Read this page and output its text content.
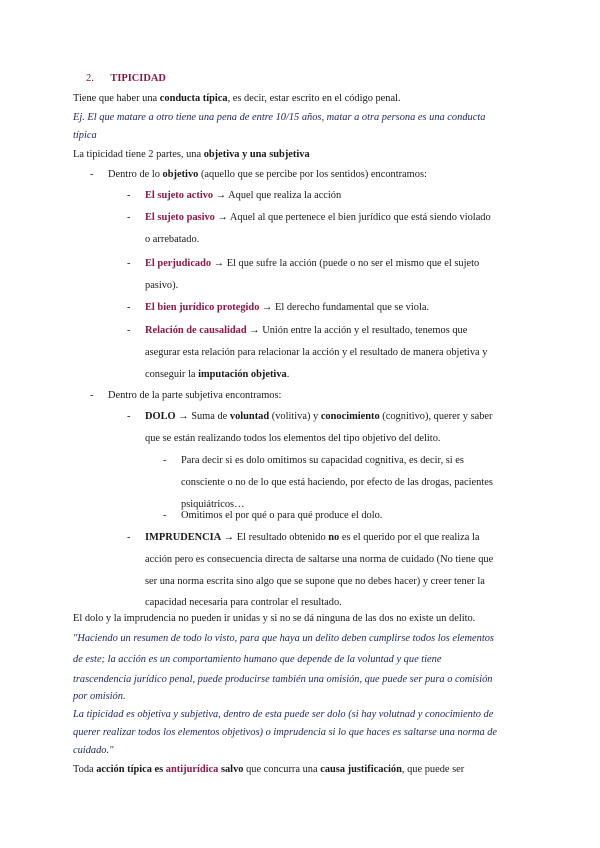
2. TIPICIDAD
Tiene que haber una conducta típica, es decir, estar escrito en el código penal.
Ej. El que matare a otro tiene una pena de entre 10/15 años, matar a otra persona es una conducta
típica
La tipicidad tiene 2 partes, una objetiva y una subjetiva
- Dentro de lo objetivo (aquello que se percibe por los sentidos) encontramos:
- El sujeto activo → Aquel que realiza la acción
- El sujeto pasivo → Aquel al que pertenece el bien jurídico que está siendo violado
o arrebatado.
- El perjudicado → El que sufre la acción (puede o no ser el mismo que el sujeto
pasivo).
- El bien jurídico protegido → El derecho fundamental que se viola.
- Relación de causalidad → Unión entre la acción y el resultado, tenemos que
asegurar esta relación para relacionar la acción y el resultado de manera objetiva y
conseguir la imputación objetiva.
- Dentro de la parte subjetiva encontramos:
- DOLO → Suma de voluntad (volitiva) y conocimiento (cognitivo), querer y saber
que se están realizando todos los elementos del tipo objetivo del delito.
- Para decir si es dolo omitimos su capacidad cognitiva, es decir, si es
consciente o no de lo que está haciendo, por efecto de las drogas, pacientes
psiquiátricos…
- Omitimos el por qué o para qué produce el dolo.
- IMPRUDENCIA → El resultado obtenido no es el querido por el que realiza la
acción pero es consecuencia directa de saltarse una norma de cuidado (No tiene que
ser una norma escrita sino algo que se supone que no debes hacer) y creer tener la
capacidad necesaria para controlar el resultado.
El dolo y la imprudencia no pueden ir unidas y si no se dá ninguna de las dos no existe un delito.
"Haciendo un resumen de todo lo visto, para que haya un delito deben cumplirse todos los elementos
de este; la acción es un comportamiento humano que depende de la voluntad y que tiene
trascendencia jurídico penal, puede producirse también una omisión, que puede ser pura o comisión
por omisión.
La tipicidad es objetiva y subjetiva, dentro de esta puede ser dolo (si hay volutnad y conocimiento de
querer realizar todos los elementos objetivos) o imprudencia si lo que haces es saltarse una norma de
cuidado."
Toda acción típica es antijurídica salvo que concurra una causa justificación, que puede ser
